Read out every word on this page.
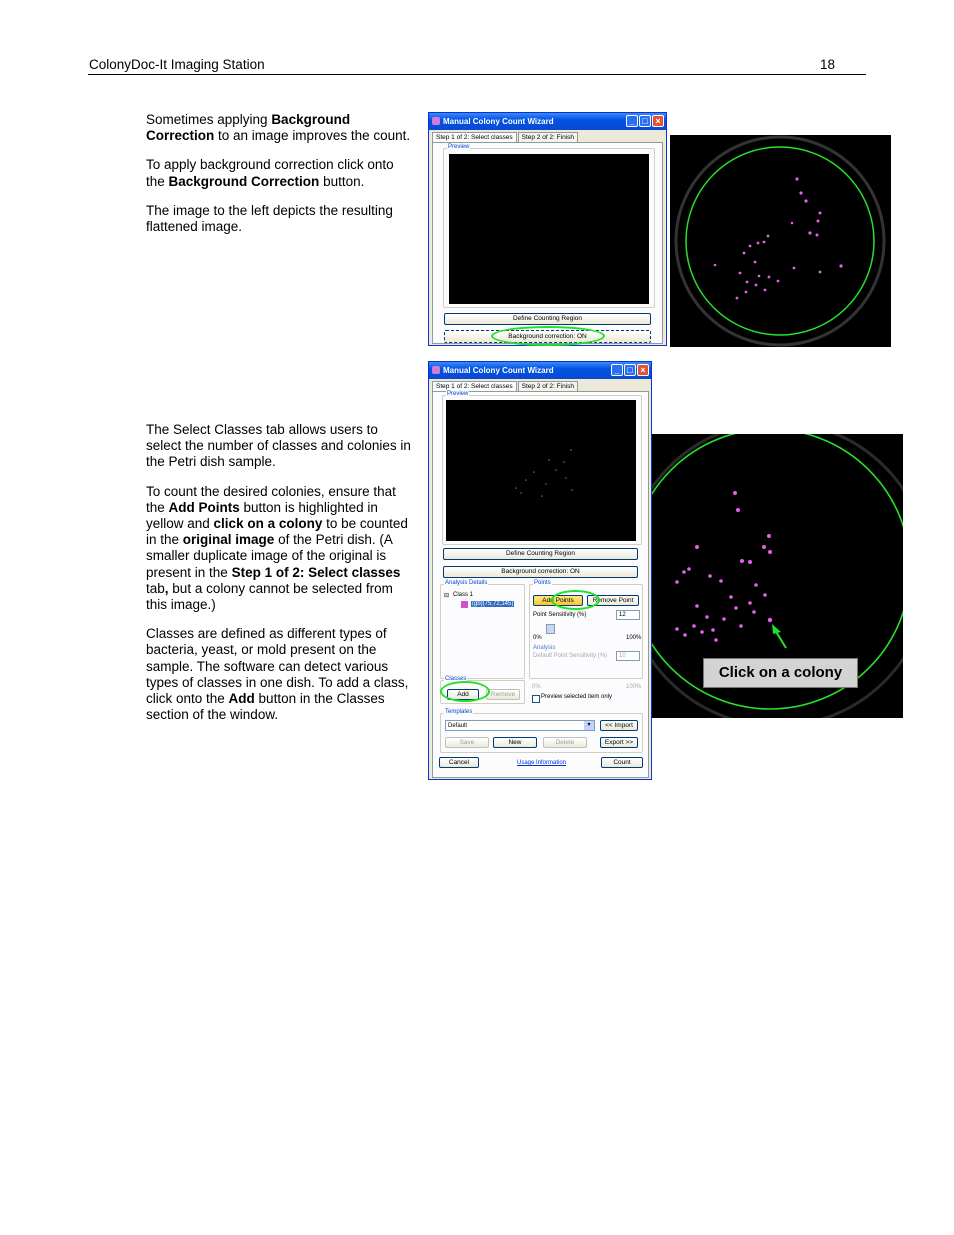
ColonyDoc-It Imaging Station	18

Sometimes applying Background Correction to an image improves the count.

To apply background correction click onto the Background Correction button.

The image to the left depicts the resulting flattened image.

The Select Classes tab allows users to select the number of classes and colonies in the Petri dish sample.

To count the desired colonies, ensure that the Add Points button is highlighted in yellow and click on a colony to be counted in the original image of the Petri dish. (A smaller duplicate image of the original is present in the Step 1 of 2: Select classes tab, but a colony cannot be selected from this image.)

Classes are defined as different types of bacteria, yeast, or mold present on the sample. The software can detect various types of classes in one dish. To add a class, click onto the Add button in the Classes section of the window.

Manual Colony Count Wizard	_ □ ×
Step 1 of 2: Select classes Step 2 of 2: Finish
Preview
Define Counting Region
Background correction: ON
Manual Colony Count Wizard	_ □ ×
Step 1 of 2: Select classes Step 2 of 2: Finish
Preview
Define Counting Region
Background correction: ON
Analysis Details
⊟ Class 1
(gb)(75,72,145)
Points
Add Points	Remove Point
Point Sensitivity (%)	12
0%	100%
Analysis
Default Point Sensitivity (%)	10
0%	100%
Preview selected item only
Classes
Add	Remove
Templates
Default	▾	<< Import
Save	New	Delete	Export >>
Cancel	Usage Information	Count
Click on a colony
